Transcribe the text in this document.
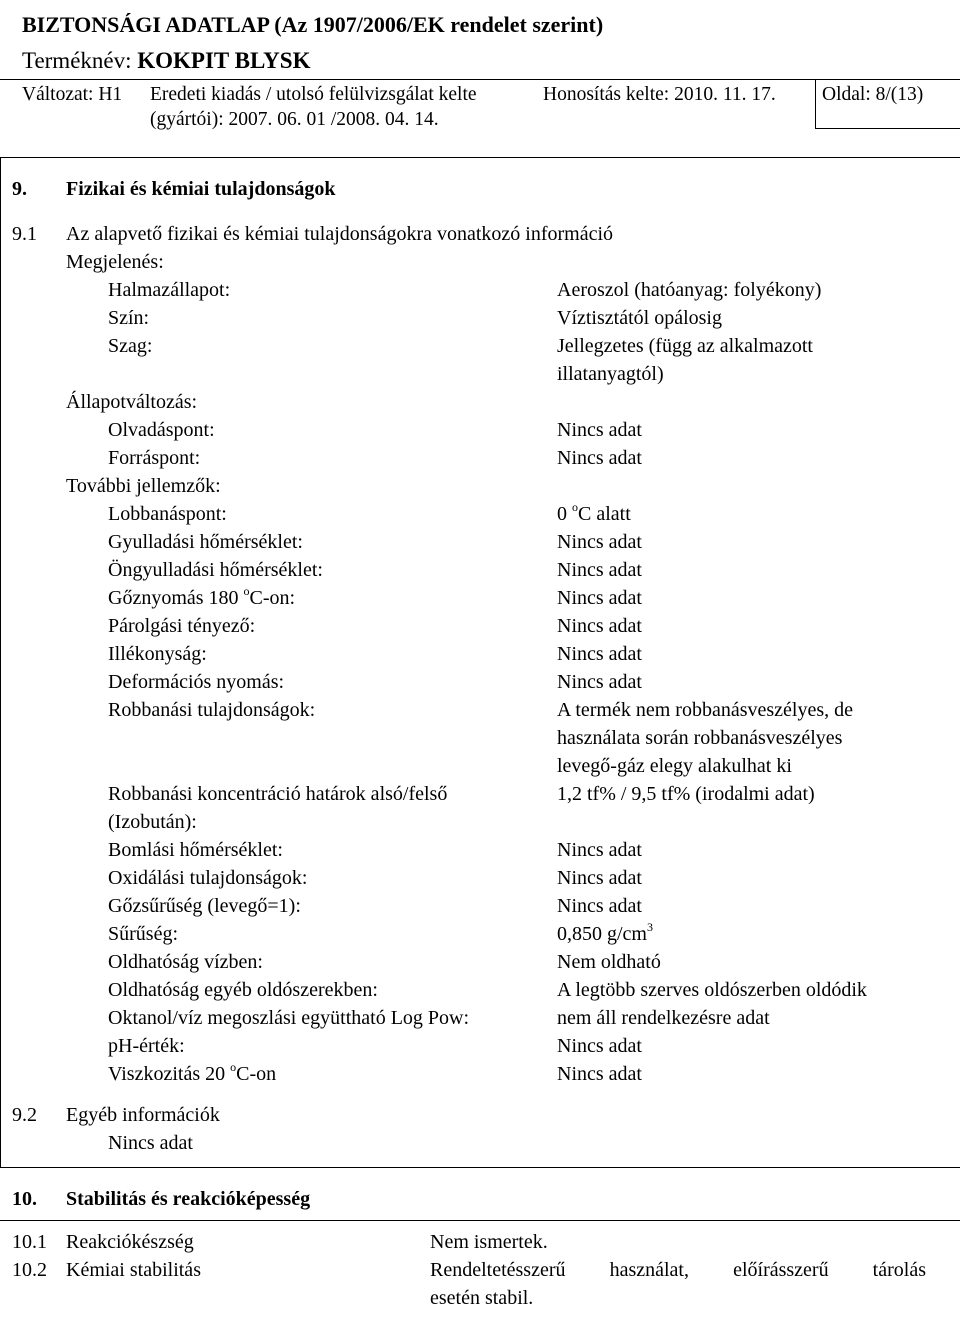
BIZTONSÁGI ADATLAP (Az 1907/2006/EK rendelet szerint)
Terméknév: KOKPIT BLYSK
Változat: H1 Eredeti kiadás / utolsó felülvizsgálat kelte
(gyártói): 2007. 06. 01 /2008. 04. 14.
Honosítás kelte: 2010. 11. 17. Oldal: 8/(13)
9. Fizikai és kémiai tulajdonságok
9.1 Az alapvető fizikai és kémiai tulajdonságokra vonatkozó információ
Megjelenés:
Halmazállapot:	Aeroszol (hatóanyag: folyékony)
Szín:	Víztisztától opálosig
Szag:	Jellegzetes (függ az alkalmazott
illatanyagtól)
Állapotváltozás:
Olvadáspont:	Nincs adat
Forráspont:	Nincs adat
További jellemzők:
Lobbanáspont:	0 $^o$C alatt
Gyulladási hőmérséklet:	Nincs adat
Öngyulladási hőmérséklet:	Nincs adat
Gőznyomás 180 $^o$C-on:	Nincs adat
Párolgási tényező:	Nincs adat
Illékonyság:	Nincs adat
Deformációs nyomás:	Nincs adat
Robbanási tulajdonságok:	A termék nem robbanásveszélyes, de
használata során robbanásveszélyes
levegő-gáz elegy alakulhat ki
Robbanási koncentráció határok alsó/felső
(Izobután):
1,2 tf% / 9,5 tf% (irodalmi adat)
Bomlási hőmérséklet:	Nincs adat
Oxidálási tulajdonságok:	Nincs adat
Gőzsűrűség (levegő=1):	Nincs adat
Sűrűség:	0,850 $g/cm^3$
Oldhatóság vízben:	Nem oldható
Oldhatóság egyéb oldószerekben:	A legtöbb szerves oldószerben oldódik
Oktanol/víz megoszlási együttható Log Pow:	nem áll rendelkezésre adat
pH-érték:	Nincs adat
Viszkozitás 20 $^o$C-on	Nincs adat
9.2 Egyéb információk
Nincs adat
10. Stabilitás és reakcióképesség
10.1 Reakciókészség	Nem ismertek.
10.2 Kémiai stabilitás	Rendeltetésszerű használat, előírásszerű tárolás
esetén stabil.
